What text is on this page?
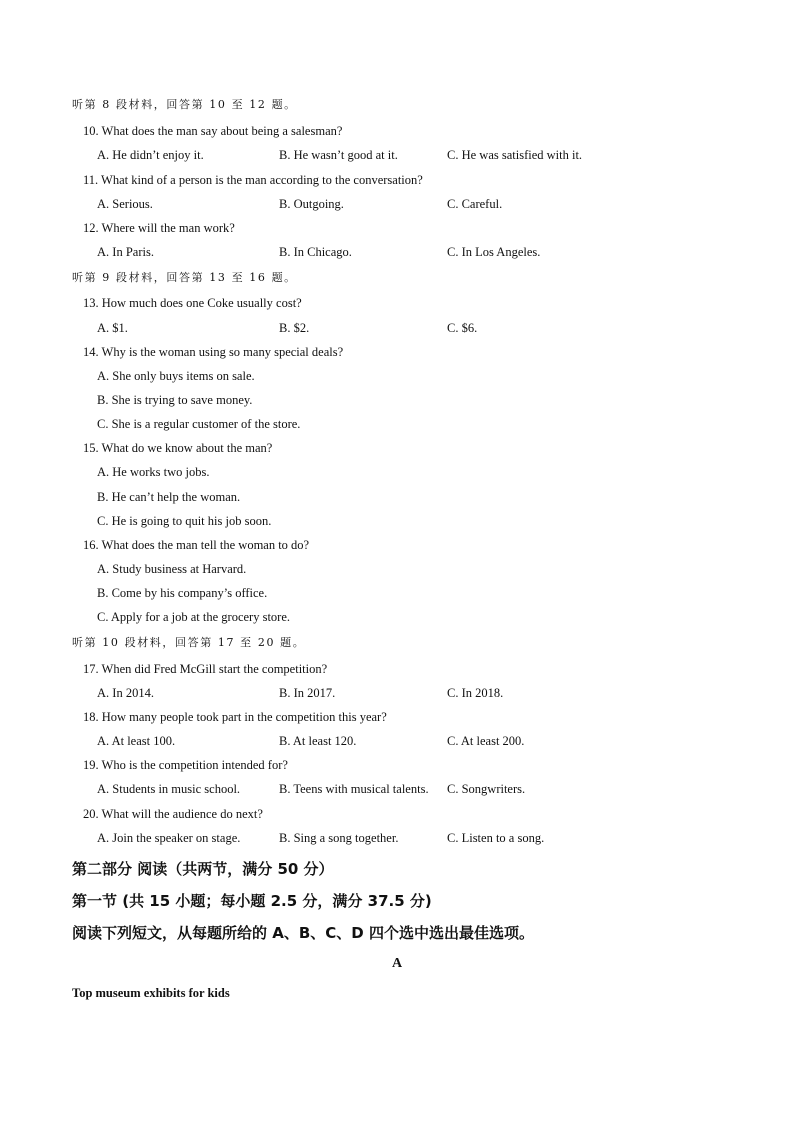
听第 8 段材料，回答第 10 至 12 题。
10. What does the man say about being a salesman?
A. He didn’t enjoy it.	B. He wasn’t good at it.	C. He was satisfied with it.
11. What kind of a person is the man according to the conversation?
A. Serious.	B. Outgoing.	C. Careful.
12. Where will the man work?
A. In Paris.	B. In Chicago.	C. In Los Angeles.
听第 9 段材料，回答第 13 至 16 题。
13. How much does one Coke usually cost?
A. $1.	B. $2.	C. $6.
14. Why is the woman using so many special deals?
A. She only buys items on sale.
B. She is trying to save money.
C. She is a regular customer of the store.
15. What do we know about the man?
A. He works two jobs.
B. He can’t help the woman.
C. He is going to quit his job soon.
16. What does the man tell the woman to do?
A. Study business at Harvard.
B. Come by his company’s office.
C. Apply for a job at the grocery store.
听第 10 段材料，回答第 17 至 20 题。
17. When did Fred McGill start the competition?
A. In 2014.	B. In 2017.	C. In 2018.
18. How many people took part in the competition this year?
A. At least 100.	B. At least 120.	C. At least 200.
19. Who is the competition intended for?
A. Students in music school.	B. Teens with musical talents. C. Songwriters.
20. What will the audience do next?
A. Join the speaker on stage.	B. Sing a song together.	C. Listen to a song.
第二部分 阅读（共两节，满分 50 分）
第一节 (共 15 小题；每小题 2.5 分，满分 37.5 分)
阅读下列短文，从每题所给的 A、B、C、D 四个选中选出最佳选项。
A
Top museum exhibits for kids
